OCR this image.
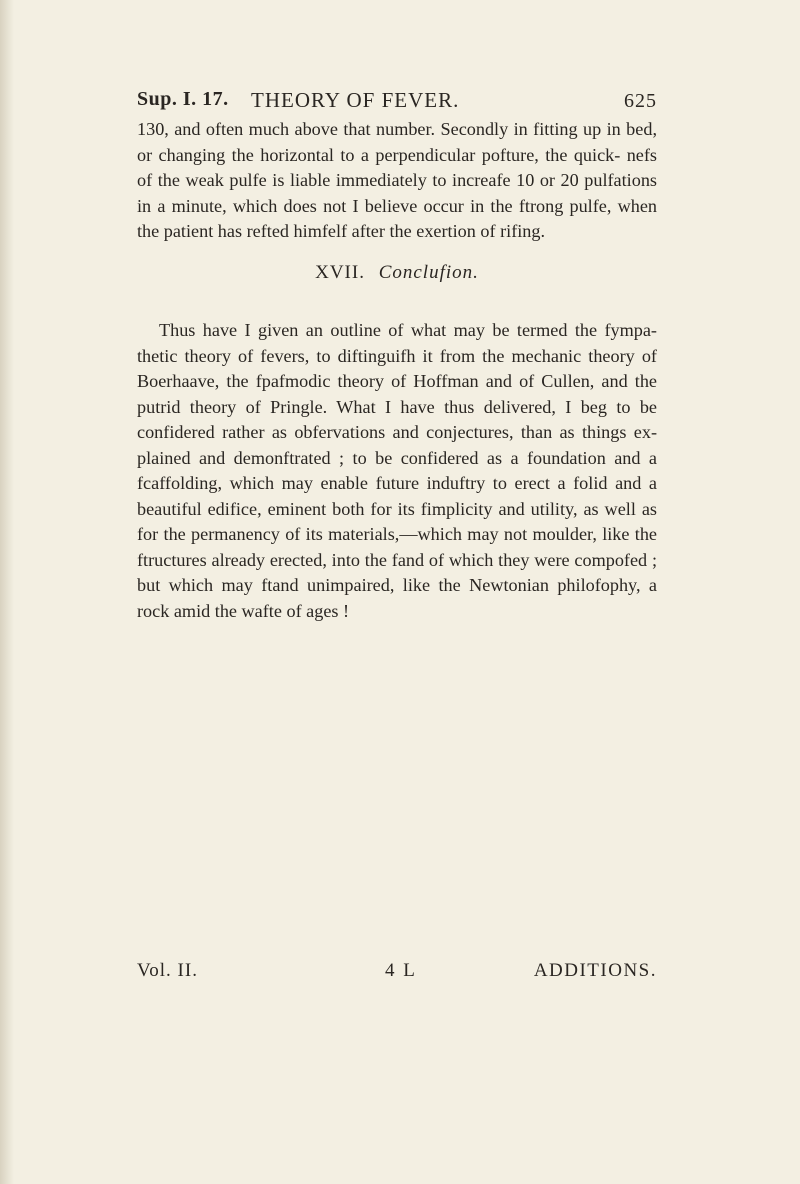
Sup. I. 17. THEORY OF FEVER.	625

130, and often much above that number. Secondly in fitting up in bed, or changing the horizontal to a perpendicular pofture, the quick- nefs of the weak pulfe is liable immediately to increafe 10 or 20 pulfations in a minute, which does not I believe occur in the ftrong pulfe, when the patient has refted himfelf after the exertion of rifing.

XVII. Conclufion.

Thus have I given an outline of what may be termed the fympa- thetic theory of fevers, to diftinguifh it from the mechanic theory of Boerhaave, the fpafmodic theory of Hoffman and of Cullen, and the putrid theory of Pringle. What I have thus delivered, I beg to be confidered rather as obfervations and conjectures, than as things ex- plained and demonftrated ; to be confidered as a foundation and a fcaffolding, which may enable future induftry to erect a folid and a beautiful edifice, eminent both for its fimplicity and utility, as well as for the permanency of its materials,—which may not moulder, like the ftructures already erected, into the fand of which they were compofed ; but which may ftand unimpaired, like the Newtonian philofophy, a rock amid the wafte of ages !

Vol. II.	4 L	ADDITIONS.
